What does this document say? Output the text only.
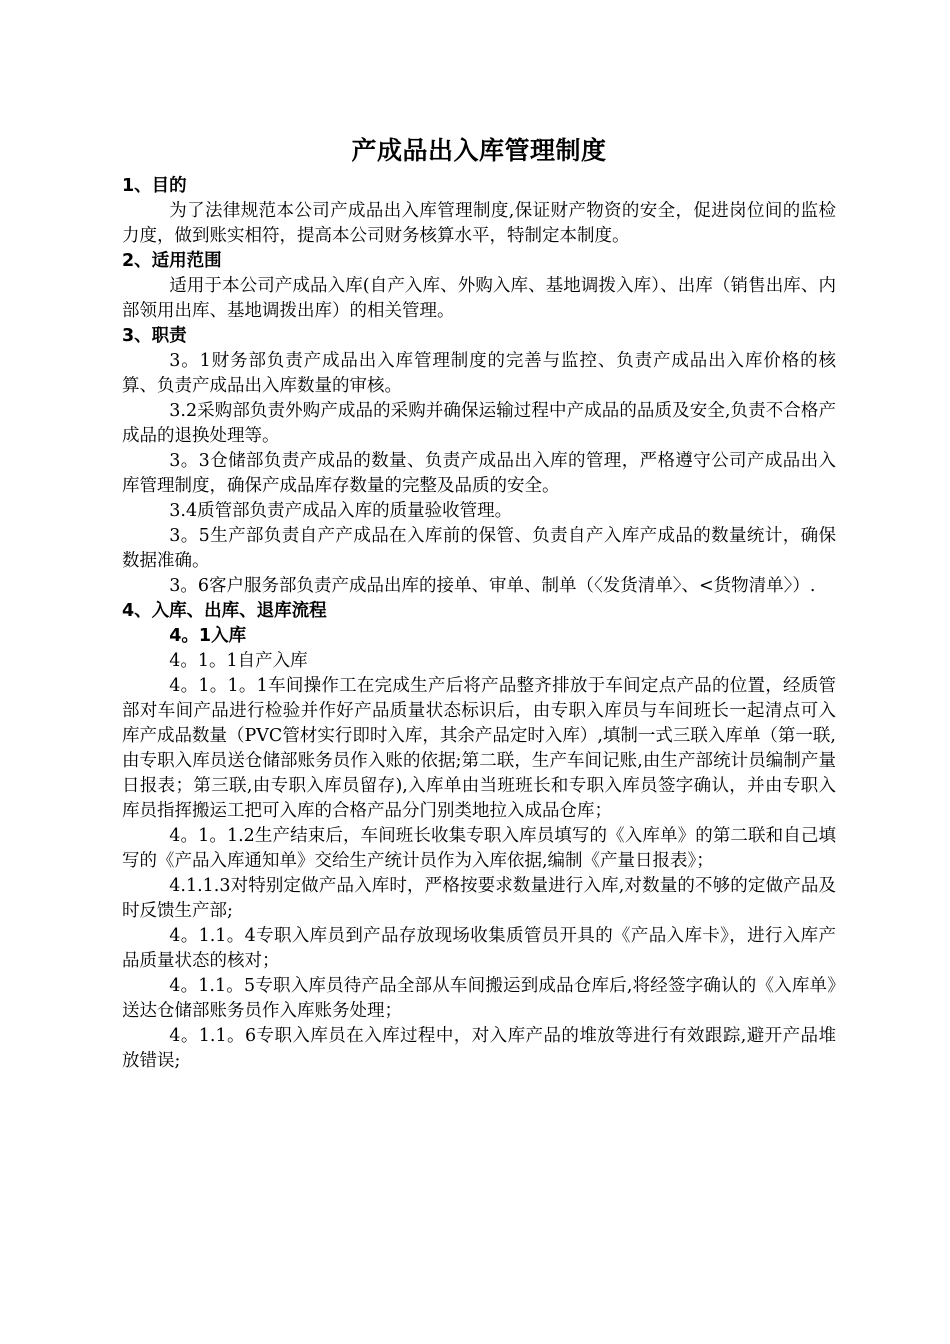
产成品出入库管理制度

1、目的

为了法律规范本公司产成品出入库管理制度,保证财产物资的安全，促进岗位间的监检力度，做到账实相符，提高本公司财务核算水平，特制定本制度。

2、适用范围

适用于本公司产成品入库(自产入库、外购入库、基地调拨入库）、出库（销售出库、内部领用出库、基地调拨出库）的相关管理。

3、职责

3。1财务部负责产成品出入库管理制度的完善与监控、负责产成品出入库价格的核算、负责产成品出入库数量的审核。

3.2采购部负责外购产成品的采购并确保运输过程中产成品的品质及安全,负责不合格产成品的退换处理等。

3。3仓储部负责产成品的数量、负责产成品出入库的管理，严格遵守公司产成品出入库管理制度，确保产成品库存数量的完整及品质的安全。

3.4质管部负责产成品入库的质量验收管理。

3。5生产部负责自产产成品在入库前的保管、负责自产入库产成品的数量统计，确保数据准确。

3。6客户服务部负责产成品出库的接单、审单、制单（〈发货清单〉、<货物清单〉）.

4、入库、出库、退库流程

4。1入库

4。1。1自产入库

4。1。1。1车间操作工在完成生产后将产品整齐排放于车间定点产品的位置，经质管部对车间产品进行检验并作好产品质量状态标识后，由专职入库员与车间班长一起清点可入库产成品数量（PVC管材实行即时入库，其余产品定时入库）,填制一式三联入库单（第一联,由专职入库员送仓储部账务员作入账的依据;第二联，生产车间记账,由生产部统计员编制产量日报表；第三联,由专职入库员留存),入库单由当班班长和专职入库员签字确认，并由专职入库员指挥搬运工把可入库的合格产品分门别类地拉入成品仓库；

4。1。1.2生产结束后，车间班长收集专职入库员填写的《入库单》的第二联和自己填写的《产品入库通知单》交给生产统计员作为入库依据,编制《产量日报表》；

4.1.1.3对特别定做产品入库时，严格按要求数量进行入库,对数量的不够的定做产品及时反馈生产部;

4。1.1。4专职入库员到产品存放现场收集质管员开具的《产品入库卡》，进行入库产品质量状态的核对；

4。1.1。5专职入库员待产品全部从车间搬运到成品仓库后,将经签字确认的《入库单》送达仓储部账务员作入库账务处理；

4。1.1。6专职入库员在入库过程中，对入库产品的堆放等进行有效跟踪,避开产品堆放错误;
